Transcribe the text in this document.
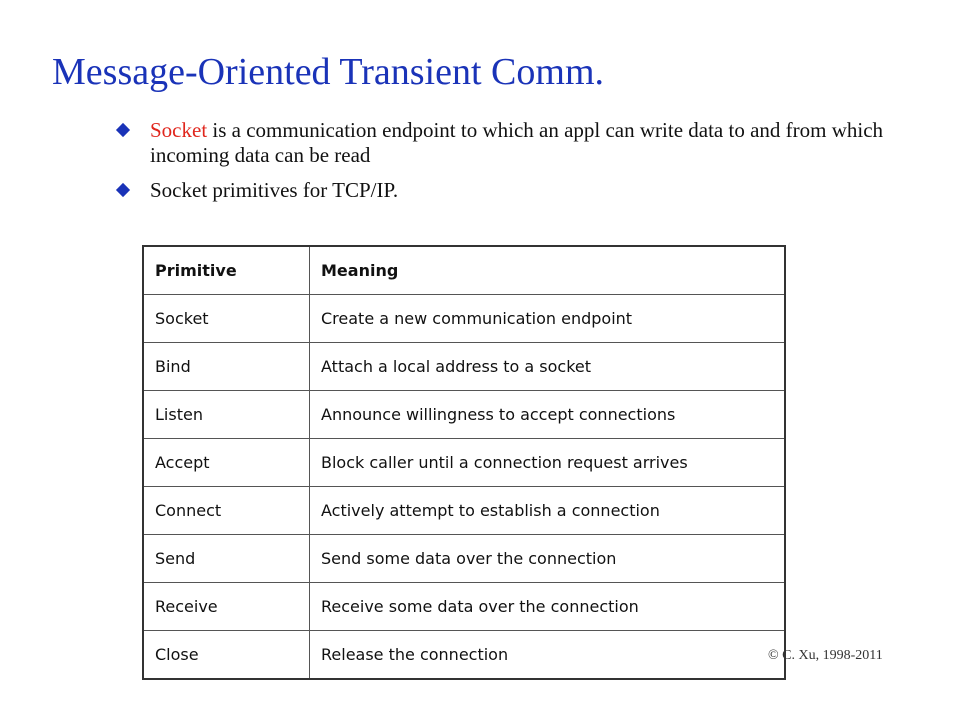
Message-Oriented Transient Comm.
Socket is a communication endpoint to which an appl can write data to and from which incoming data can be read
Socket primitives for TCP/IP.
Primitive	Meaning
Socket	Create a new communication endpoint
Bind	Attach a local address to a socket
Listen	Announce willingness to accept connections
Accept	Block caller until a connection request arrives
Connect	Actively attempt to establish a connection
Send	Send some data over the connection
Receive	Receive some data over the connection
Close	Release the connection	© C. Xu, 1998-2011
